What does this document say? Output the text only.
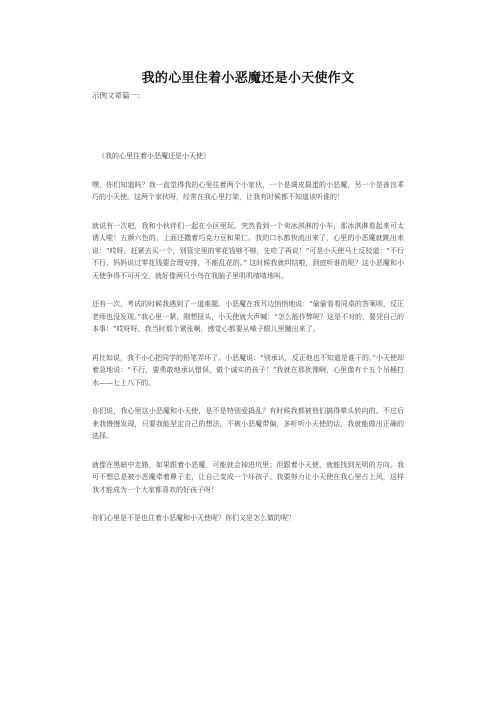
我的心里住着小恶魔还是小天使作文
示例文章篇一：

《我的心里住着小恶魔还是小天使》

嘿，你们知道吗？我一直觉得我的心里住着两个小家伙，一个是调皮捣蛋的小恶魔，另一个是善良乖巧的小天使。这两个家伙呀，经常在我心里打架，让我有时候都不知道该听谁的！

就说有一次吧，我和小伙伴们一起在小区里玩。突然看到一个卖冰淇淋的小车，那冰淇淋看起来可太诱人啦！五颜六色的，上面还撒着巧克力豆和果仁。我的口水都快流出来了，心里的小恶魔就跳出来说：“哎呀，赶紧去买一个，别管完里的零花钱够不够，先吃了再说！”可是小天使马上反驳道：“不行不行，妈妈说过零花钱要合理安排，不能乱花的。” 这时候我就纠结啦，到底听谁的呢？这小恶魔和小天使争得不可开交，就好像两只小鸟在我脑子里叽叽喳喳地叫。

还有一次，考试的时候我遇到了一道难题。小恶魔在我耳边悄悄地说：“偷偷看看同桌的答案呗，反正老师也没发现。”我心里一紧，刚想扭头，小天使就大声喊：“怎么能作弊呢？这是不对的，要凭自己的本事！”哎呀呀，我当时那个紧张啊，感觉心都要从嗓子眼儿里蹦出来了。

再比如说，我不小心把同学的铅笔弄坏了。小恶魔说：“别承认，反正他也不知道是谁干的。”小天使却着急地说：“不行，要勇敢地承认错误，做个诚实的孩子！”我就在那犹豫啊，心里像有十五个吊桶打水——七上八下的。

你们说，我心里这小恶魔和小天使，是不是特别爱捣乱？有时候我都被他们搞得晕头转向的。不过后来我慢慢发现，只要我能坚定自己的想法，不被小恶魔带偏，多听听小天使的话，我就能做出正确的选择。

就像在黑暗中走路，如果跟着小恶魔，可能就会掉进坑里；但跟着小天使，就能找到光明的方向。我可不想总是被小恶魔牵着鼻子走，让自己变成一个坏孩子。我要努力让小天使在我心里占上风，这样我才能成为一个大家都喜欢的好孩子呀！

你们心里是不是也住着小恶魔和小天使呢？你们又是怎么做的呢？
